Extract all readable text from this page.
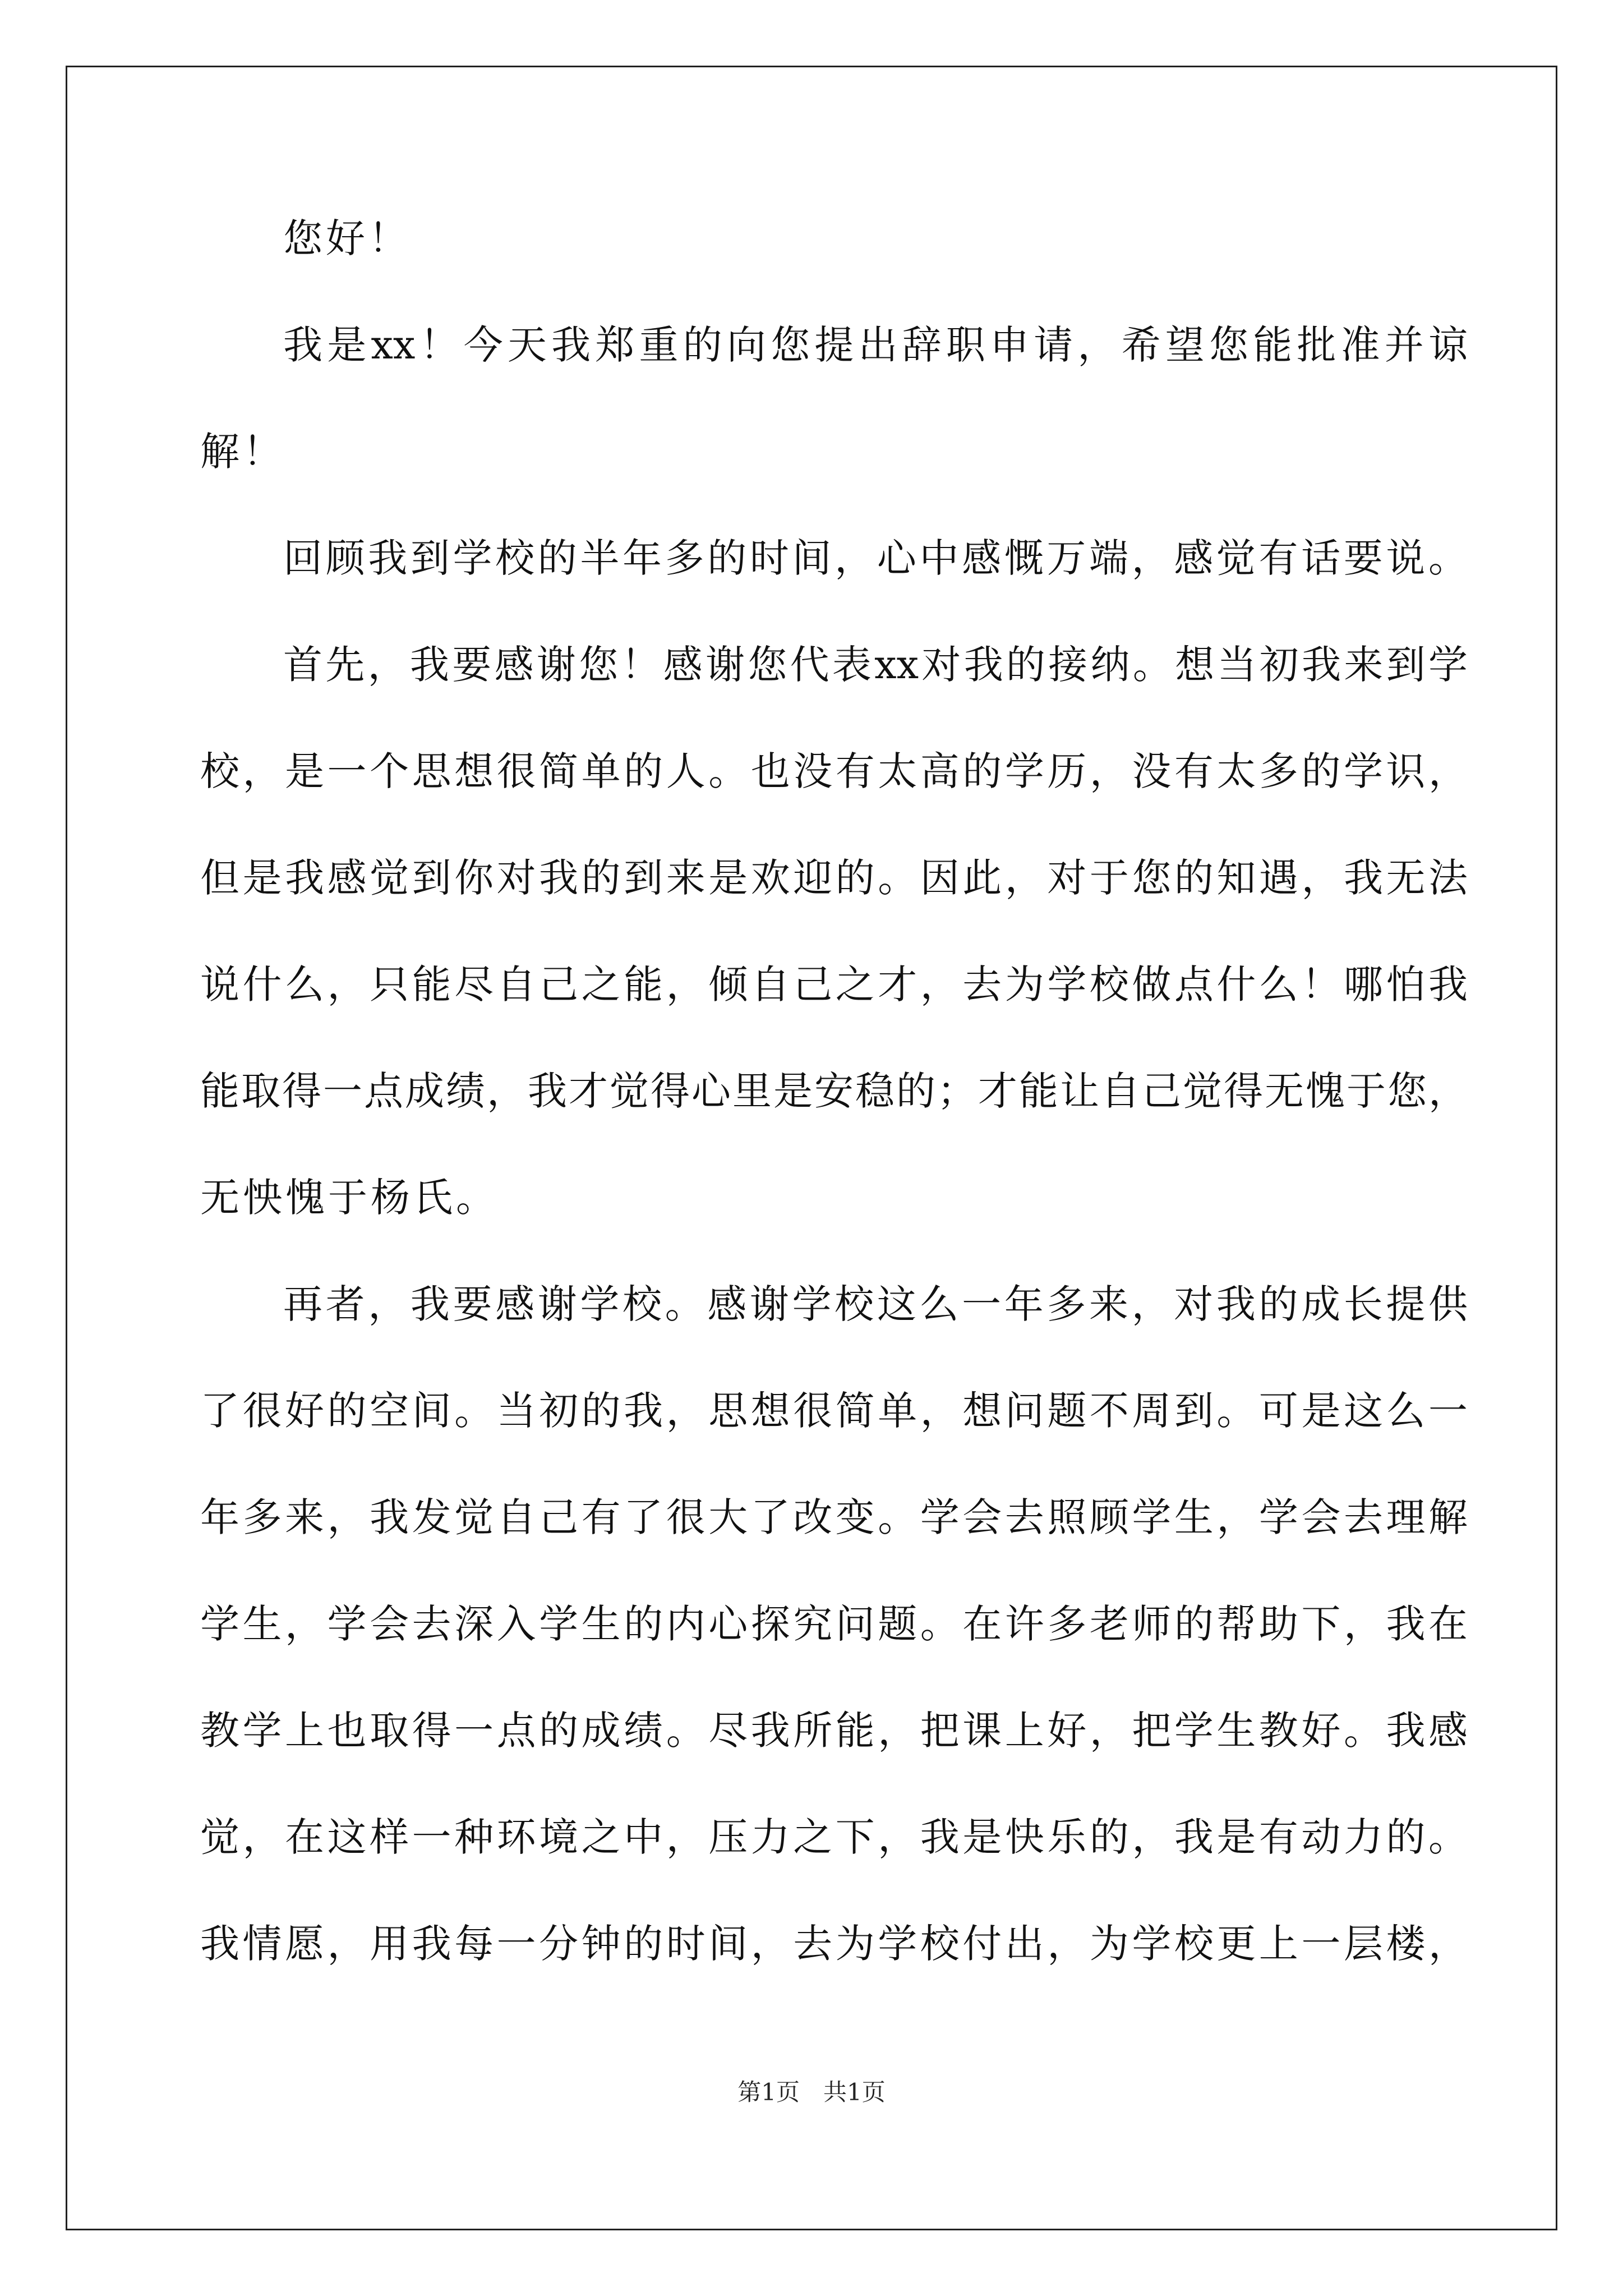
您好！
我是xx！今天我郑重的向您提出辞职申请，希望您能批准并谅
解！
回顾我到学校的半年多的时间，心中感慨万端，感觉有话要说。
首先，我要感谢您！感谢您代表xx对我的接纳。想当初我来到学
校，是一个思想很简单的人。也没有太高的学历，没有太多的学识，
但是我感觉到你对我的到来是欢迎的。因此，对于您的知遇，我无法
说什么，只能尽自己之能，倾自己之才，去为学校做点什么！哪怕我
能取得一点成绩，我才觉得心里是安稳的；才能让自己觉得无愧于您，
无怏愧于杨氏。
再者，我要感谢学校。感谢学校这么一年多来，对我的成长提供
了很好的空间。当初的我，思想很简单，想问题不周到。可是这么一
年多来，我发觉自己有了很大了改变。学会去照顾学生，学会去理解
学生，学会去深入学生的内心探究问题。在许多老师的帮助下，我在
教学上也取得一点的成绩。尽我所能，把课上好，把学生教好。我感
觉，在这样一种环境之中，压力之下，我是快乐的，我是有动力的。
我情愿，用我每一分钟的时间，去为学校付出，为学校更上一层楼，
第1页　共1页
